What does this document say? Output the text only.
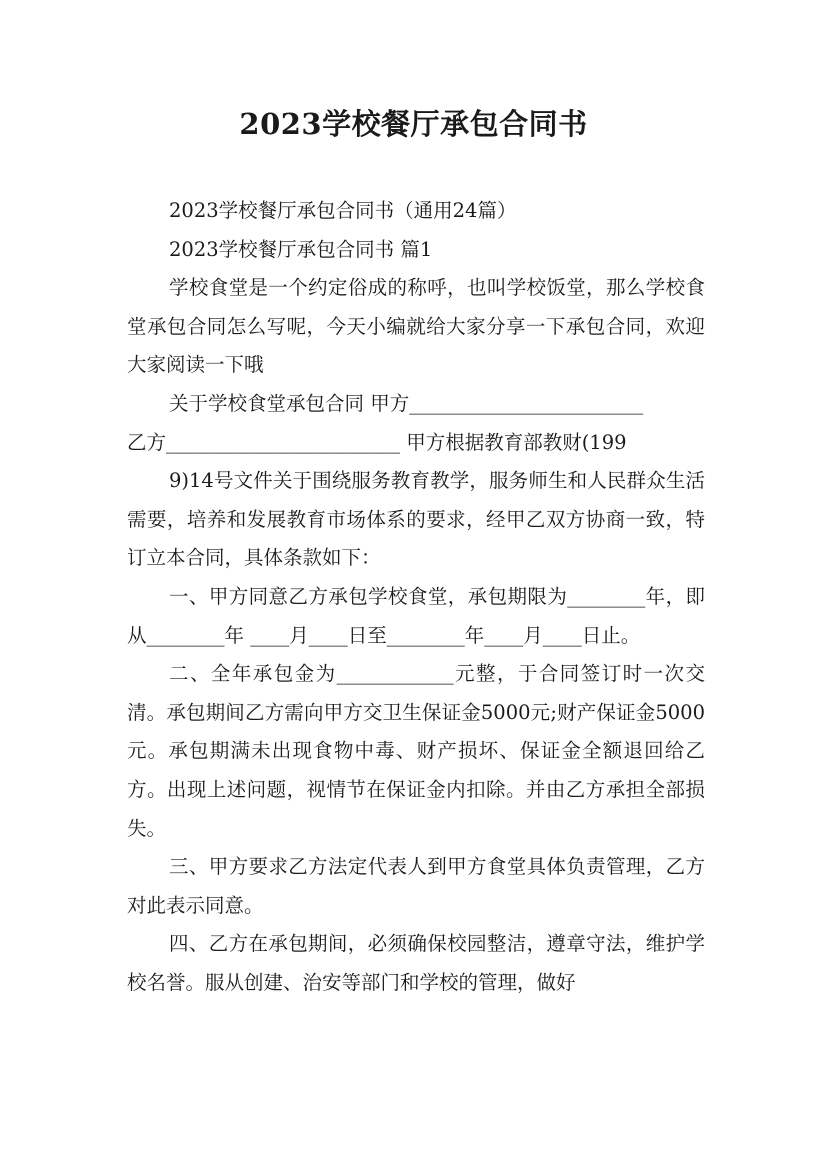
2023学校餐厅承包合同书

2023学校餐厅承包合同书（通用24篇）

2023学校餐厅承包合同书 篇1

学校食堂是一个约定俗成的称呼，也叫学校饭堂，那么学校食堂承包合同怎么写呢，今天小编就给大家分享一下承包合同，欢迎大家阅读一下哦

关于学校食堂承包合同 甲方________________________

乙方________________________ 甲方根据教育部教财(199

9)14号文件关于围绕服务教育教学，服务师生和人民群众生活需要，培养和发展教育市场体系的要求，经甲乙双方协商一致，特订立本合同，具体条款如下：

一、甲方同意乙方承包学校食堂，承包期限为________年，即从________年 ____月____日至________年____月____日止。

二、全年承包金为____________元整，于合同签订时一次交清。承包期间乙方需向甲方交卫生保证金5000元;财产保证金5000元。承包期满未出现食物中毒、财产损坏、保证金全额退回给乙方。出现上述问题，视情节在保证金内扣除。并由乙方承担全部损失。

三、甲方要求乙方法定代表人到甲方食堂具体负责管理，乙方对此表示同意。

四、乙方在承包期间，必须确保校园整洁，遵章守法，维护学校名誉。服从创建、治安等部门和学校的管理，做好
